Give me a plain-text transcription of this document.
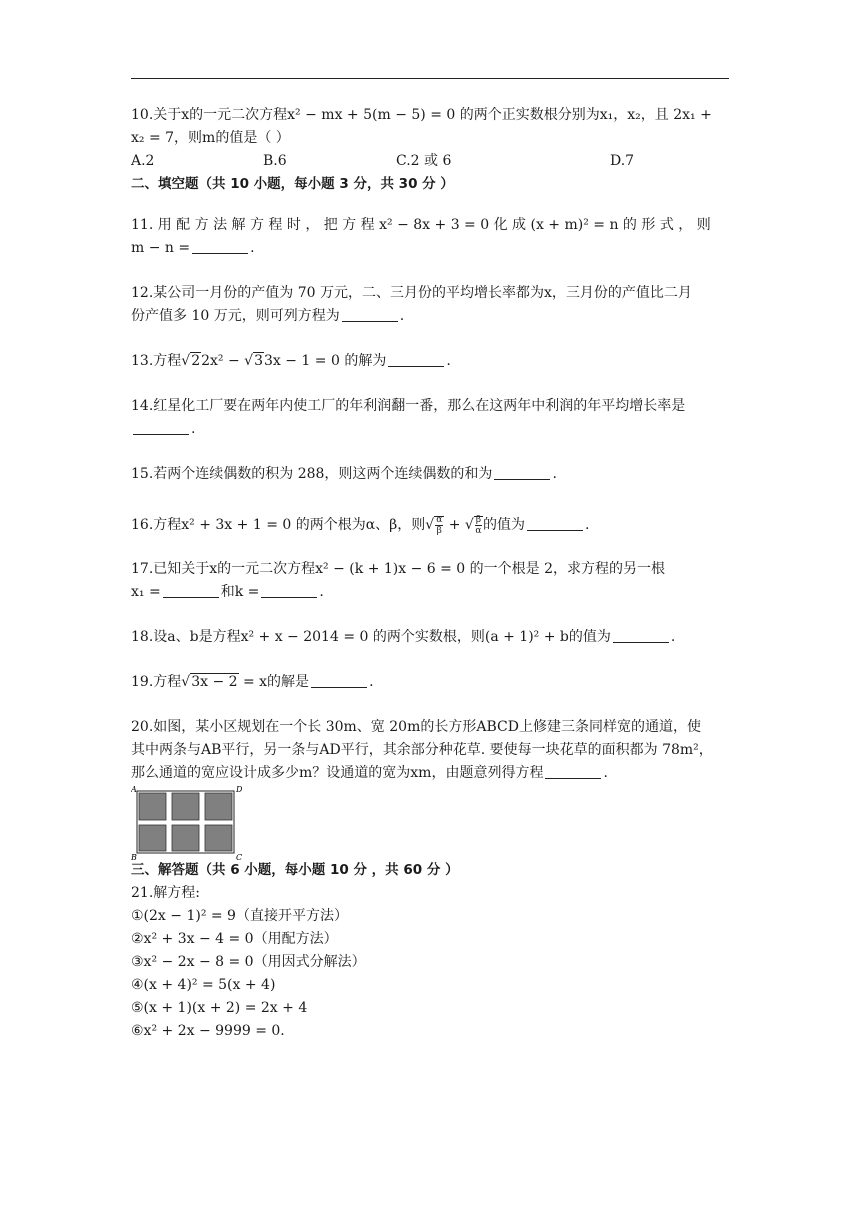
10.关于x的一元二次方程x² − mx + 5(m − 5) = 0 的两个正实数根分别为x₁，x₂，且 2x₁ +

x₂ = 7，则m的值是（ ）

A.2	B.6	C.2 或 6	D.7

二、填空题（共 10 小题，每小题 3 分，共 30 分 ）

11. 用 配 方 法 解 方 程 时 ， 把 方 程 x² − 8x + 3 = 0 化 成 (x + m)² = n 的 形 式 ， 则

m − n =	.

12.某公司一月份的产值为 70 万元，二、三月份的平均增长率都为x，三月份的产值比二月

份产值多 10 万元，则可列方程为	.

13.方程√22x² − √33x − 1 = 0 的解为	.

14.红星化工厂要在两年内使工厂的年利润翻一番，那么在这两年中利润的年平均增长率是

.

15.若两个连续偶数的积为 288，则这两个连续偶数的和为	.

16.方程x² + 3x + 1 = 0 的两个根为α、β，则√ $\frac{\alpha}{\beta}$ + √ $\frac{\beta}{\alpha}$ 的值为	.

17.已知关于x的一元二次方程x² − (k + 1)x − 6 = 0 的一个根是 2，求方程的另一根

x₁ =	和k =	.

18.设a、b是方程x² + x − 2014 = 0 的两个实数根，则(a + 1)² + b的值为	.

19.方程√3x − 2 = x的解是	.

20.如图，某小区规划在一个长 30m、宽 20m的长方形ABCD上修建三条同样宽的通道，使

其中两条与AB平行，另一条与AD平行，其余部分种花草. 要使每一块花草的面积都为 78m²，

那么通道的宽应设计成多少m？设通道的宽为xm，由题意列得方程	.

A	D
B	C

三、解答题（共 6 小题，每小题 10 分 ，共 60 分 ）

21.解方程:

①(2x − 1)² = 9（直接开平方法）

②x² + 3x − 4 = 0（用配方法）

③x² − 2x − 8 = 0（用因式分解法）

④(x + 4)² = 5(x + 4)

⑤(x + 1)(x + 2) = 2x + 4

⑥x² + 2x − 9999 = 0.
